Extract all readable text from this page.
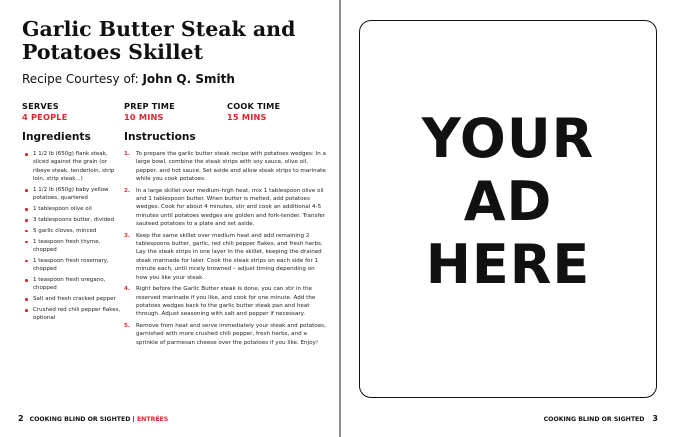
Garlic Butter Steak and Potatoes Skillet
Recipe Courtesy of: John Q. Smith
SERVES
4 PEOPLE
PREP TIME
10 MINS
COOK TIME
15 MINS
Ingredients	Instructions
1 1/2 lb (650g) flank steak, sliced against the grain (or ribeye steak, tenderloin, strip loin, strip steak...)
1 1/2 lb (650g) baby yellow potatoes, quartered
1 tablespoon olive oil
3 tablespoons butter, divided
5 garlic cloves, minced
1 teaspoon fresh thyme, chopped
1 teaspoon fresh rosemary, chopped
1 teaspoon fresh oregano, chopped
Salt and fresh cracked pepper
Crushed red chili pepper flakes, optional
1. To prepare the garlic butter steak recipe with potatoes wedges: In a large bowl, combine the steak strips with soy sauce, olive oil, pepper, and hot sauce. Set aside and allow steak strips to marinate while you cook potatoes.
2. In a large skillet over medium-high heat, mix 1 tablespoon olive oil and 1 tablespoon butter. When butter is melted, add potatoes wedges. Cook for about 4 minutes, stir and cook an additional 4-5 minutes until potatoes wedges are golden and fork-tender. Transfer sauteed potatoes to a plate and set aside.
3. Keep the same skillet over medium heat and add remaining 2 tablespoons butter, garlic, red chili pepper flakes, and fresh herbs. Lay the steak strips in one layer in the skillet, keeping the drained steak marinade for later. Cook the steak strips on each side for 1 minute each, until nicely browned – adjust timing depending on how you like your steak.
4. Right before the Garlic Butter steak is done, you can stir in the reserved marinade if you like, and cook for one minute. Add the potatoes wedges back to the garlic butter steak pan and heat through. Adjust seasoning with salt and pepper if necessary.
5. Remove from heat and serve immediately your steak and potatoes, garnished with more crushed chili pepper, fresh herbs, and a sprinkle of parmesan cheese over the potatoes if you like. Enjoy!
2 COOKING BLIND OR SIGHTED | ENTRÉES
YOUR
AD
HERE
COOKING BLIND OR SIGHTED 3
